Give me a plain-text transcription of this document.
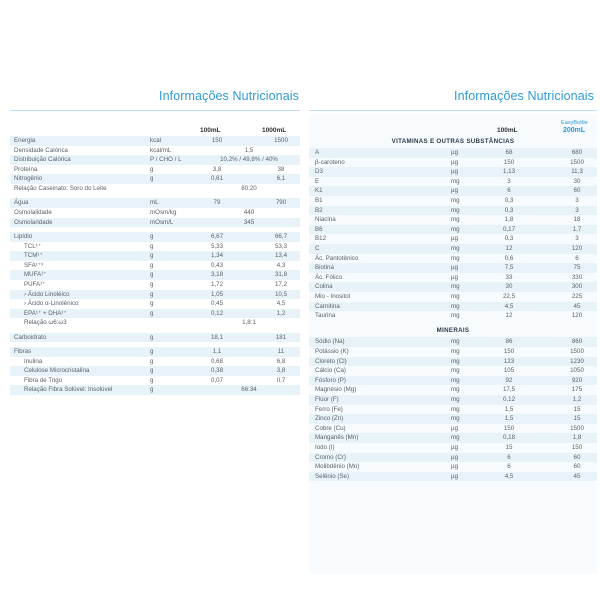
Informações Nutricionais
100mL	1000mL
Energia	kcal	150	1500
Densidade Calórica	kcal/mL	1,5
Distribuição Calórica	P / CHO / L	10,2% / 49,8% / 40%
Proteína	g	3,8	38
Nitrogênio	g	0,61	6,1
Relação Caseinato: Soro do Leite	80:20
Água	mL	79	790
Osmolalidade	mOsm/kg	440
Osmolaridade	mOsm/L	345
Lipídio	g	6,67	66,7
TCL¹⁺	g	5,33	53,3
TCM¹⁺	g	1,34	13,4
SFA¹⁺³	g	0,43	4,3
MUFA¹⁺	g	3,18	31,8
PUFA¹⁺	g	1,72	17,2
› Ácido Linoléico	g	1,05	10,5
› Ácido α-Linolênico	g	0,45	4,5
EPA¹⁺ + DHA¹⁺	g	0,12	1,2
Relação ω6:ω3	1,8:1
Carboidrato	g	18,1	181
Fibras	g	1,1	11
Inulina	g	0,68	6,8
Celulose Microcristalina	g	0,38	3,8
Fibra de Trigo	g	0,07	0,7
Relação Fibra Solúvel: Insolúvel	g	66:34
Informações Nutricionais
100mL
EasyBottle
200mL
VITAMINAS E OUTRAS SUBSTÂNCIAS
A	µg	68	680
β-caroteno	µg	150	1500
D3	µg	1,13	11,3
E	mg	3	30
K1	µg	6	60
B1	mg	0,3	3
B2	mg	0,3	3
Niacina	mg	1,8	18
B6	mg	0,17	1,7
B12	µg	0,3	3
C	mg	12	120
Ác. Pantotênico	mg	0,6	6
Biotina	µg	7,5	75
Ác. Fólico	µg	33	330
Colina	mg	30	300
Mio - Inositol	mg	22,5	225
Carnitina	mg	4,5	45
Taurina	mg	12	120
MINERAIS
Sódio (Na)	mg	86	860
Potássio (K)	mg	150	1500
Cloreto (Cl)	mg	123	1230
Cálcio (Ca)	mg	105	1050
Fósforo (P)	mg	92	920
Magnésio (Mg)	mg	17,5	175
Flúor (F)	mg	0,12	1,2
Ferro (Fe)	mg	1,5	15
Zinco (Zn)	mg	1,5	15
Cobre (Cu)	µg	150	1500
Manganês (Mn)	mg	0,18	1,8
Iodo (I)	µg	15	150
Cromo (Cr)	µg	6	60
Molibdênio (Mo)	µg	6	60
Selênio (Se)	µg	4,5	45
